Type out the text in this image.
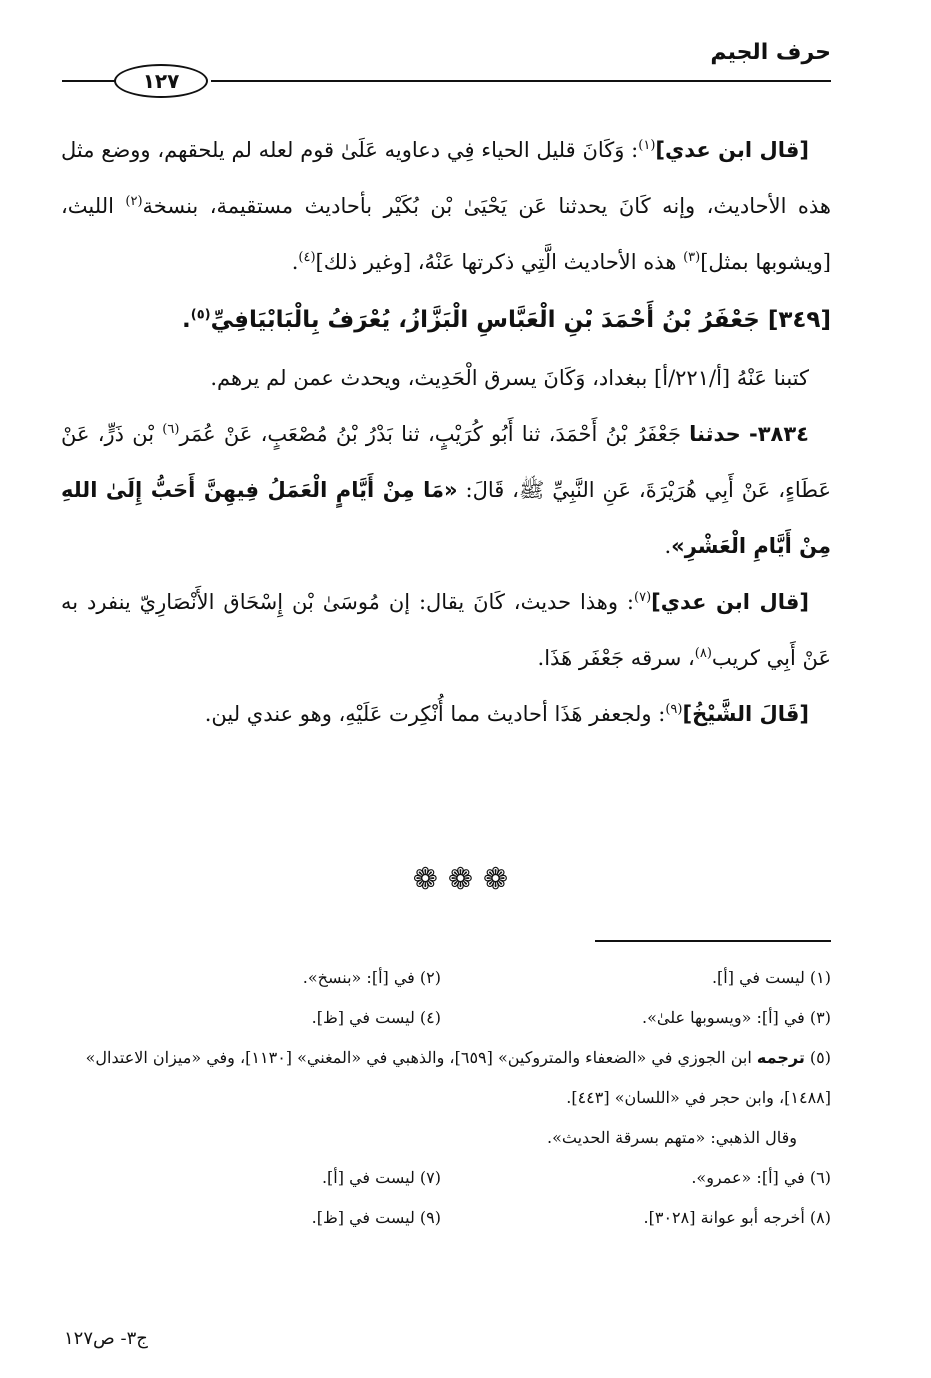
حرف الجيم
١٢٧

[قال ابن عدي]$^{(١)}$: وَكَانَ قليل الحياء فِي دعاويه عَلَىٰ قوم لعله لم يلحقهم، ووضع مثل هذه الأحاديث، وإنه كَانَ يحدثنا عَن يَحْيَىٰ بْن بُكَيْر بأحاديث مستقيمة، بنسخة$^{(٢)}$ الليث، [ويشوبها بمثل]$^{(٣)}$ هذه الأحاديث الَّتِي ذكرتها عَنْهُ، [وغير ذلك]$^{(٤)}$.

[٣٤٩] جَعْفَرُ بْنُ أَحْمَدَ بْنِ الْعَبَّاسِ الْبَزَّازُ، يُعْرَفُ بِالْبَابْيَافِيِّ$^{(٥)}$.

كتبنا عَنْهُ [أ/٢٢١/أ] ببغداد، وَكَانَ يسرق الْحَدِيث، ويحدث عمن لم يرهم.

٣٨٣٤- حدثنا جَعْفَرُ بْنُ أَحْمَدَ، ثنا أَبُو كُرَيْبٍ، ثنا بَدْرُ بْنُ مُصْعَبٍ، عَنْ عُمَر$^{(٦)}$ بْن ذَرٍّ، عَنْ عَطَاءٍ، عَنْ أَبِي هُرَيْرَةَ، عَنِ النَّبِيِّ ﷺ، قَالَ: «مَا مِنْ أَيَّامٍ الْعَمَلُ فِيهِنَّ أَحَبُّ إِلَىٰ اللهِ مِنْ أَيَّامِ الْعَشْرِ».

[قال ابن عدي]$^{(٧)}$: وهذا حديث، كَانَ يقال: إن مُوسَىٰ بْن إِسْحَاق الأَنْصَارِيّ ينفرد به عَنْ أَبِي كريب$^{(٨)}$، سرقه جَعْفَر هَذَا.

[قَالَ الشَّيْخُ]$^{(٩)}$: ولجعفر هَذَا أحاديث مما أُنْكِرت عَلَيْهِ، وهو عندي لين.

❁❁❁
(١) ليست في [أ].
(٢) في [أ]: «بنسخ».
(٣) في [أ]: «ويسوبها علىٰ».
(٤) ليست في [ظ].
(٥) ترجمه ابن الجوزي في «الضعفاء والمتروكين» [٦٥٩]، والذهبي في «المغني» [١١٣٠]، وفي «ميزان الاعتدال» [١٤٨٨]، وابن حجر في «اللسان» [٤٤٣].
وقال الذهبي: «متهم بسرقة الحديث».
(٦) في [أ]: «عمرو».
(٧) ليست في [أ].
(٨) أخرجه أبو عوانة [٣٠٢٨].
(٩) ليست في [ظ].
ج٣- ص١٢٧
